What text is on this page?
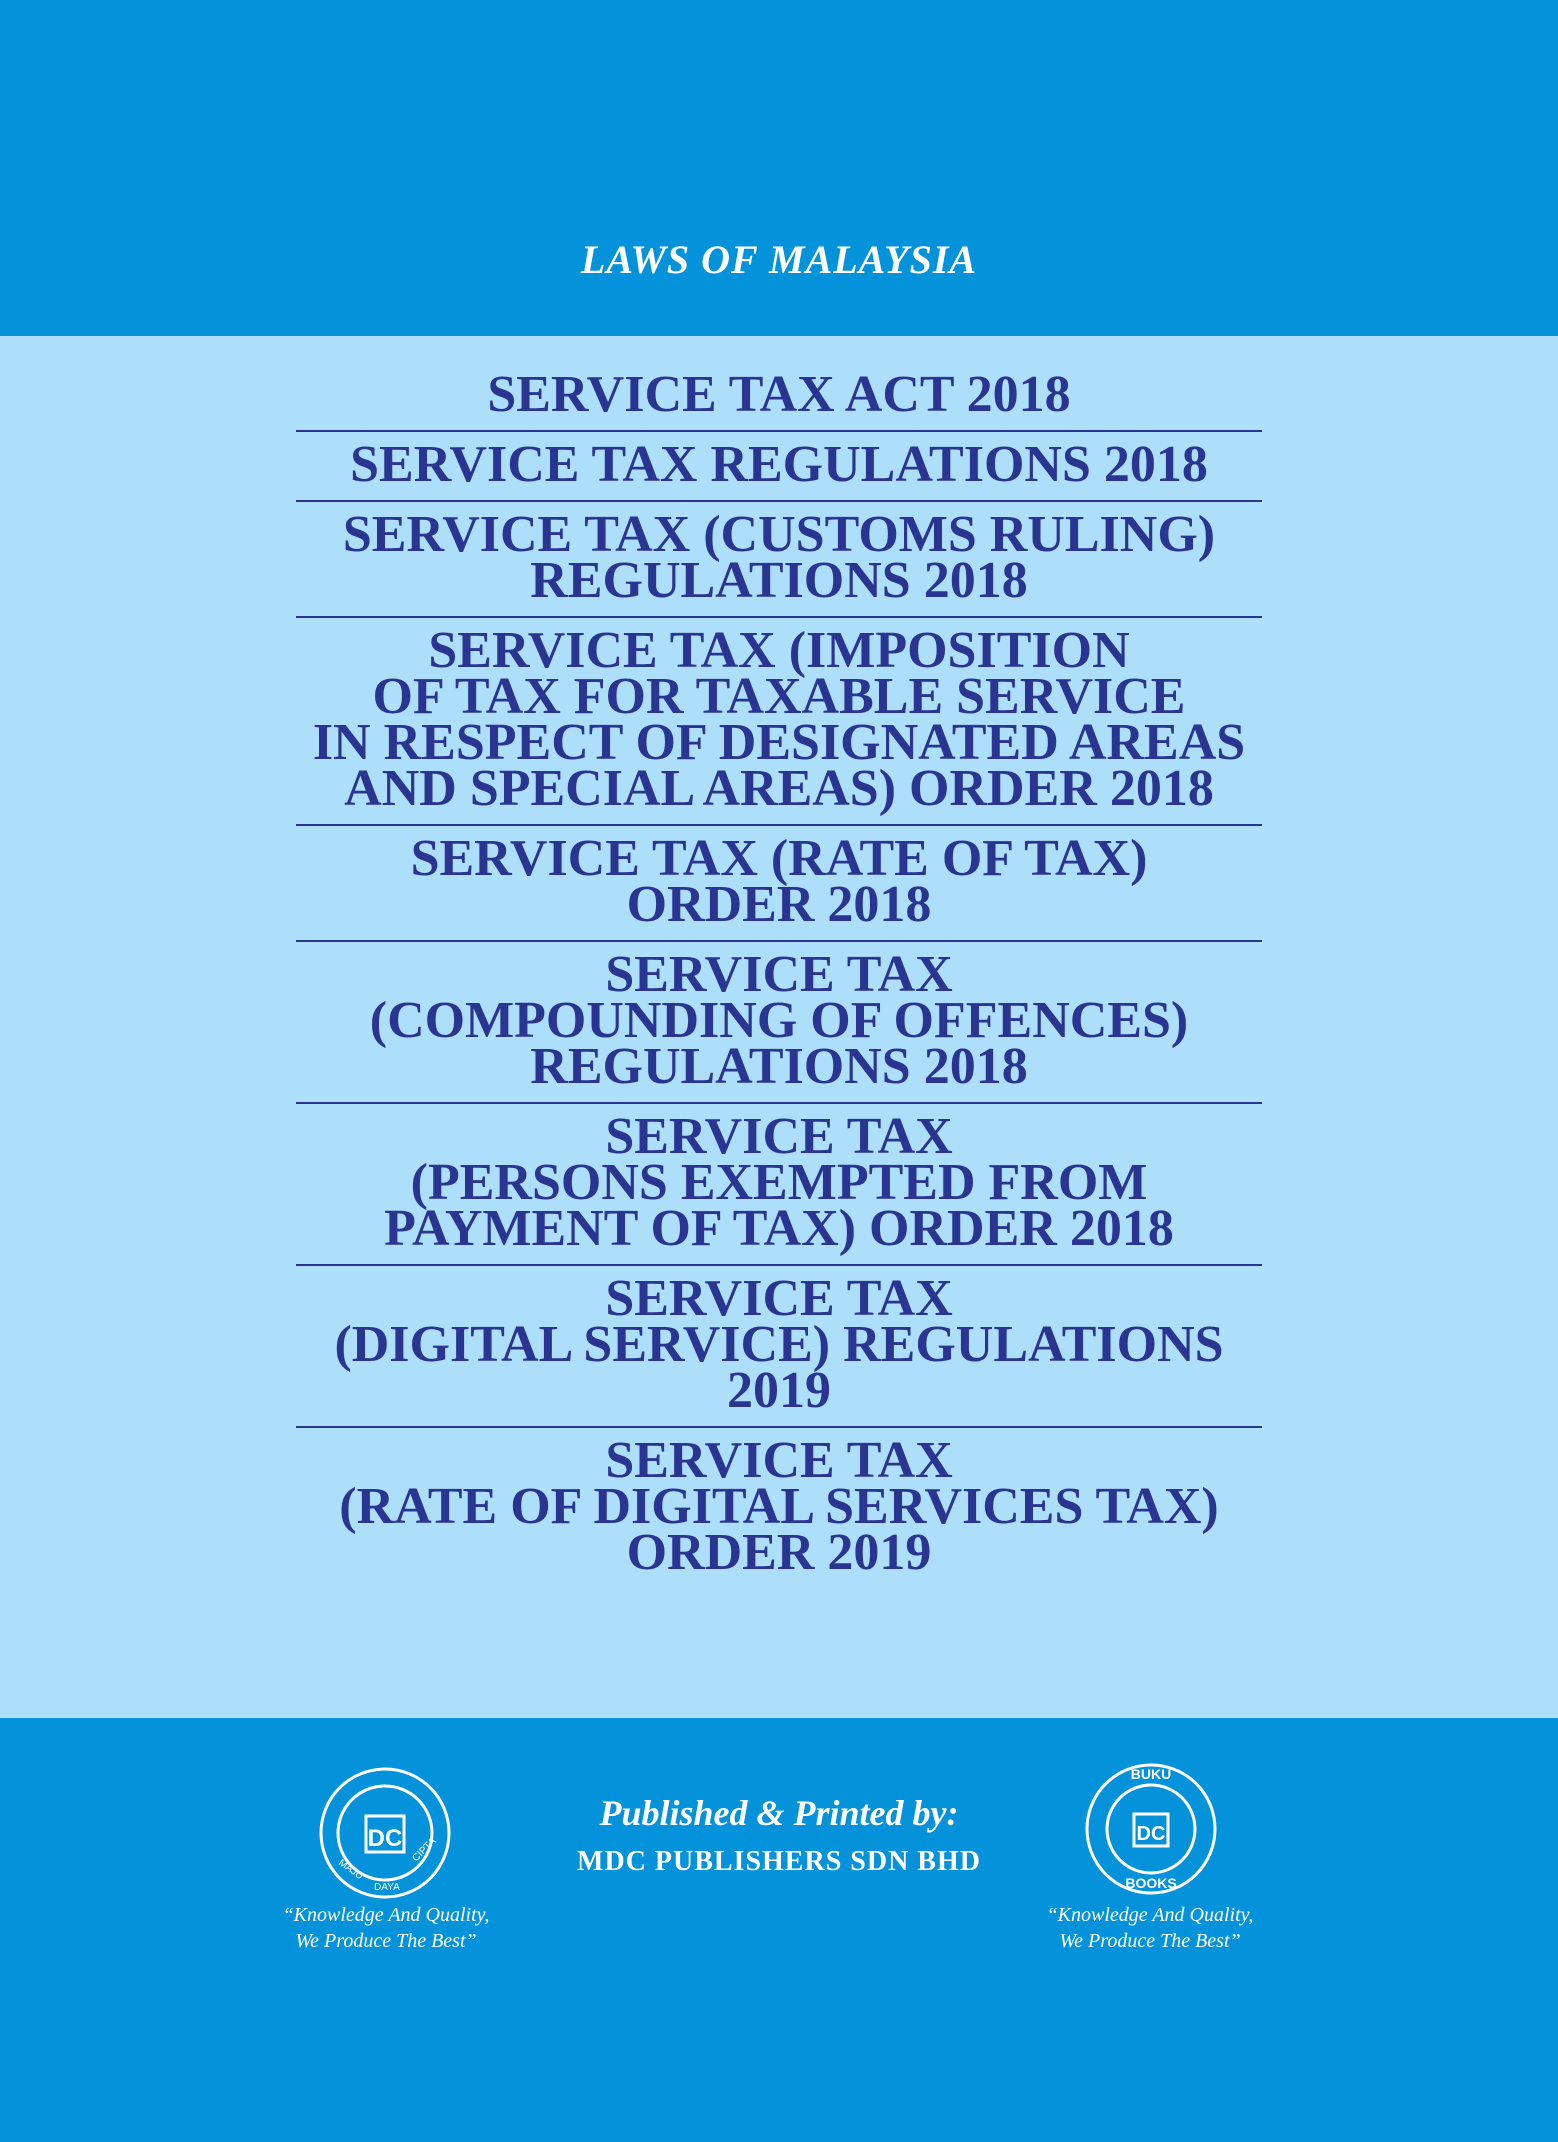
LAWS OF MALAYSIA
SERVICE TAX ACT 2018
SERVICE TAX REGULATIONS 2018
SERVICE TAX (CUSTOMS RULING)
REGULATIONS 2018
SERVICE TAX (IMPOSITION
OF TAX FOR TAXABLE SERVICE
IN RESPECT OF DESIGNATED AREAS
AND SPECIAL AREAS) ORDER 2018
SERVICE TAX (RATE OF TAX)
ORDER 2018
SERVICE TAX
(COMPOUNDING OF OFFENCES)
REGULATIONS 2018
SERVICE TAX
(PERSONS EXEMPTED FROM
PAYMENT OF TAX) ORDER 2018
SERVICE TAX
(DIGITAL SERVICE) REGULATIONS
2019
SERVICE TAX
(RATE OF DIGITAL SERVICES TAX)
ORDER 2019
DC
MAJU
DAYA
CIPTA
“Knowledge And Quality,
We Produce The Best”
Published & Printed by:
MDC PUBLISHERS SDN BHD
DC
BUKU
BOOKS
“Knowledge And Quality,
We Produce The Best”
